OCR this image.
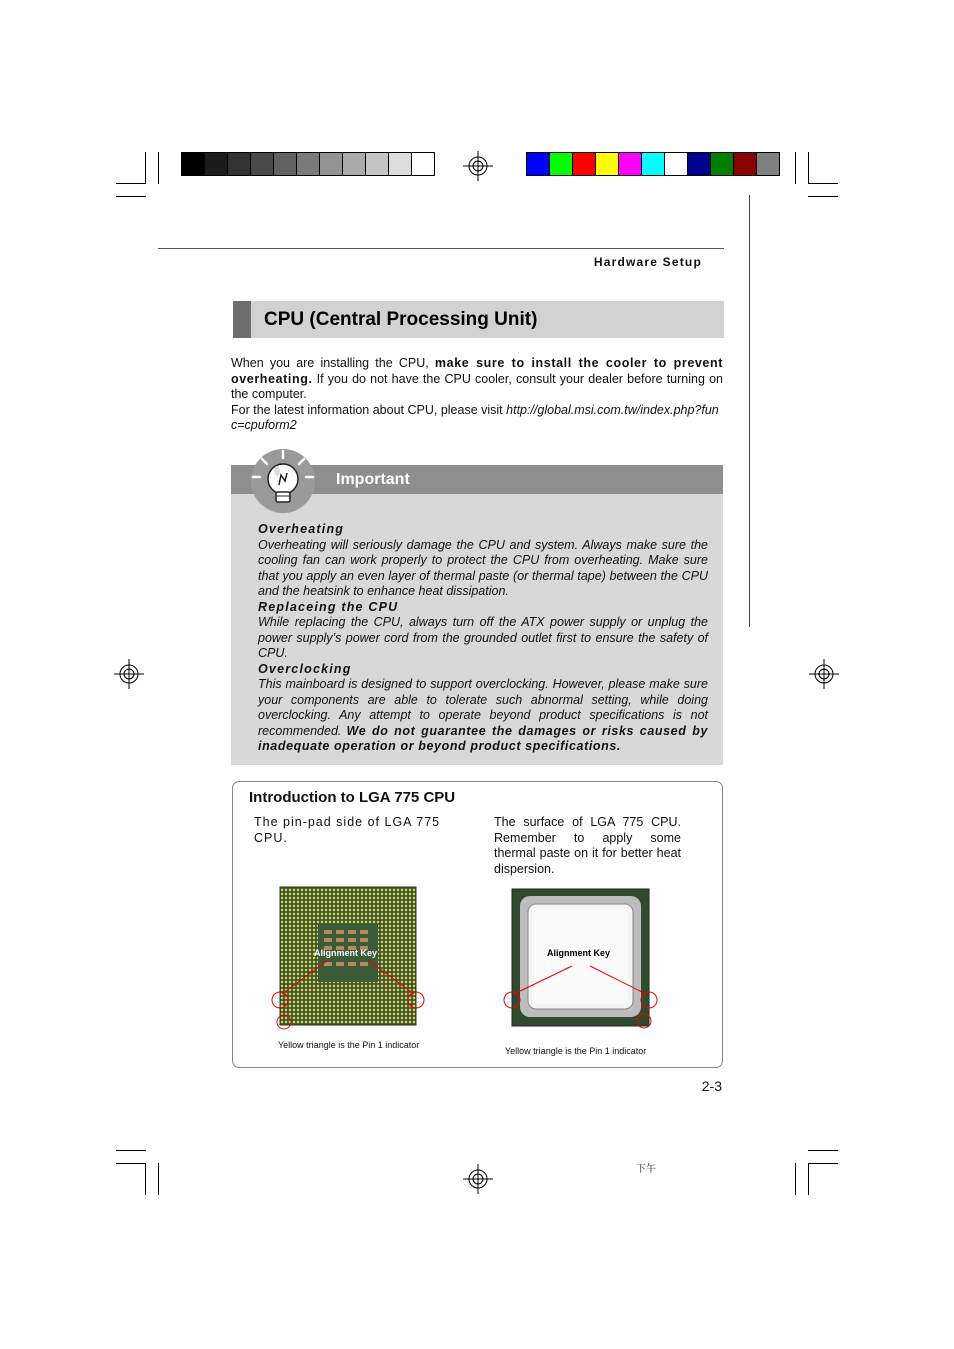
Hardware Setup
CPU (Central Processing Unit)

When you are installing the CPU, make sure to install the cooler to prevent overheating. If you do not have the CPU cooler, consult your dealer before turning on the computer.

For the latest information about CPU, please visit http://global.msi.com.tw/index.php?func=cpuform2

Important

Overheating

Overheating will seriously damage the CPU and system. Always make sure the cooling fan can work properly to protect the CPU from overheating. Make sure that you apply an even layer of thermal paste (or thermal tape) between the CPU and the heatsink to enhance heat dissipation.

Replaceing the CPU

While replacing the CPU, always turn off the ATX power supply or unplug the power supply’s power cord from the grounded outlet first to ensure the safety of CPU.

Overclocking

This mainboard is designed to support overclocking. However, please make sure your components are able to tolerate such abnormal setting, while doing overclocking. Any attempt to operate beyond product specifications is not recommended. We do not guarantee the damages or risks caused by inadequate operation or beyond product specifications.

Introduction to LGA 775 CPU
The pin-pad side of LGA 775 CPU.
The surface of LGA 775 CPU. Remember to apply some thermal paste on it for better heat dispersion.
Alignment Key
Yellow triangle is the Pin 1 indicator
Alignment Key
Yellow triangle is the Pin 1 indicator
2-3
下午
